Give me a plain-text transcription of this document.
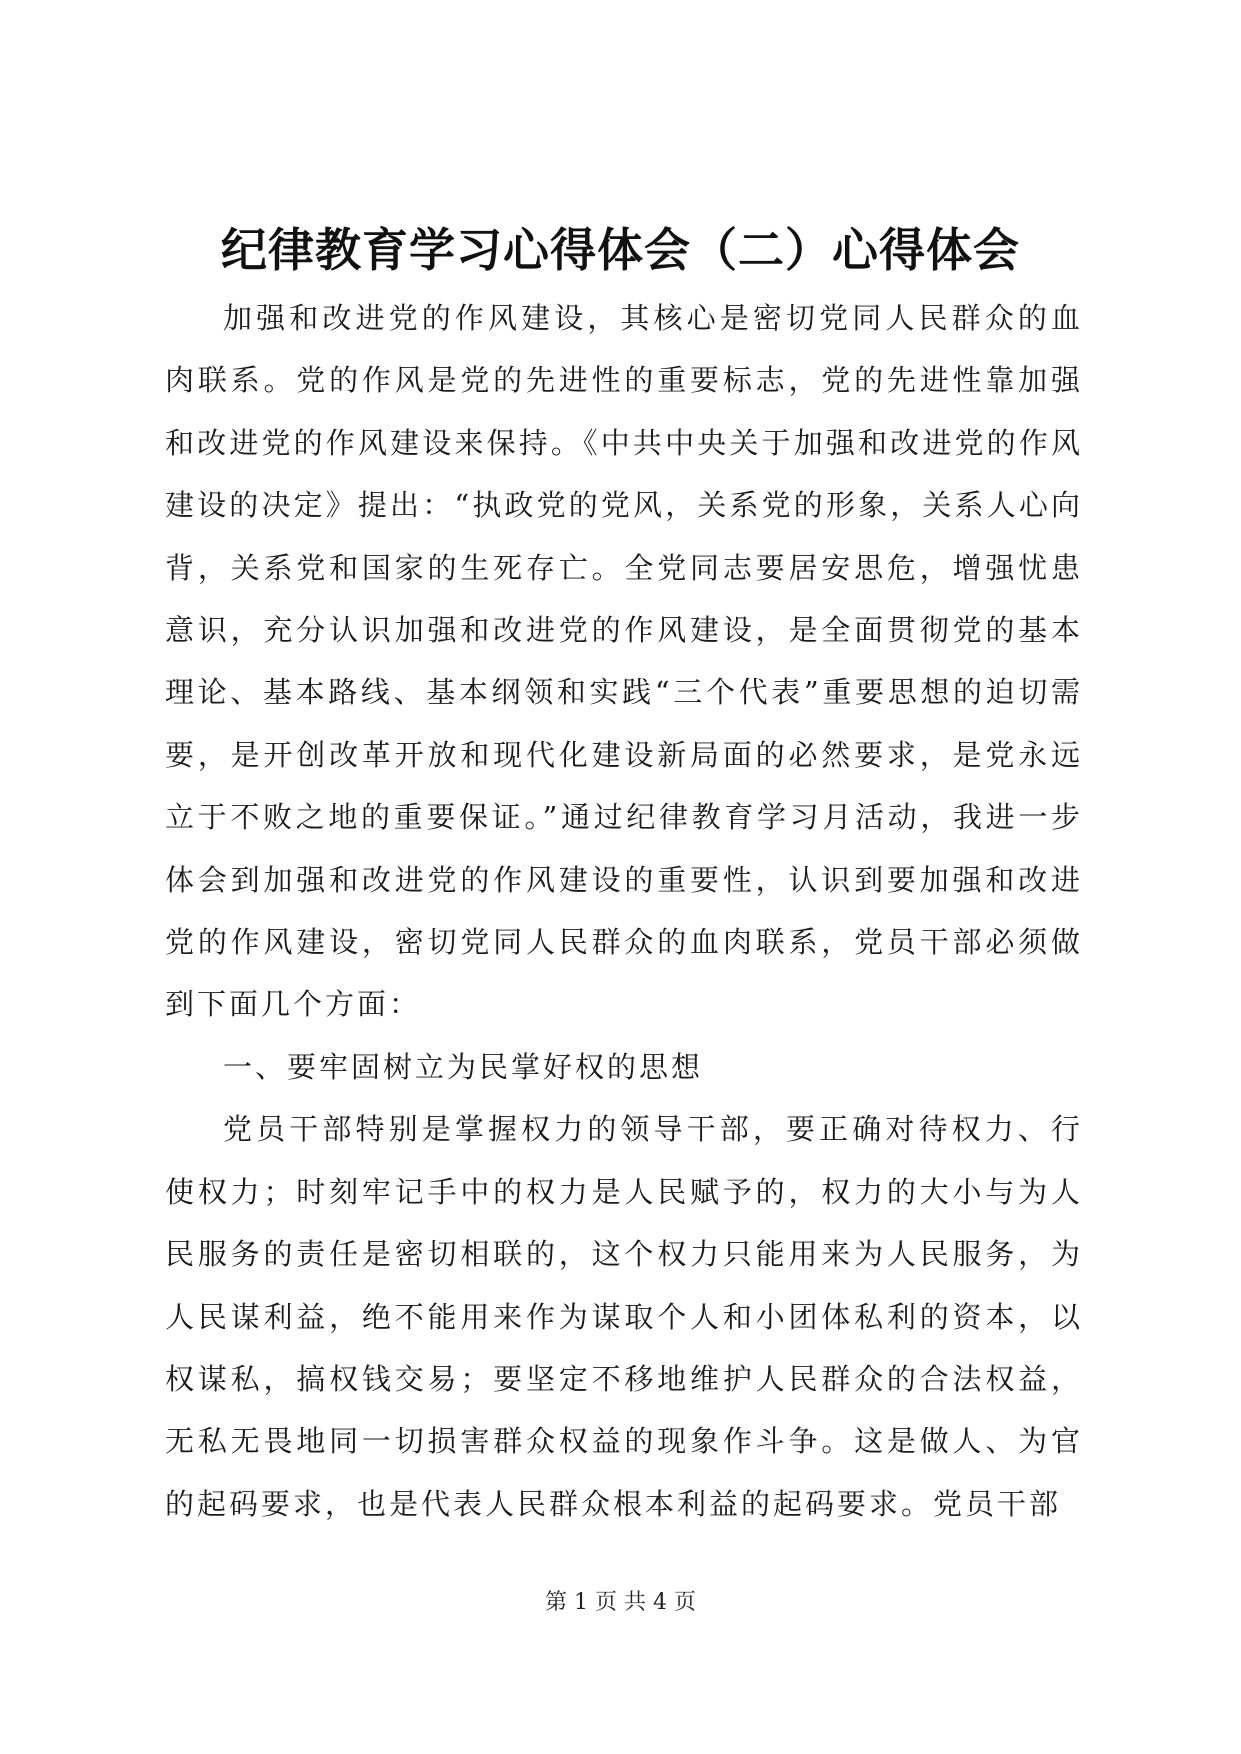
纪律教育学习心得体会（二）心得体会

加强和改进党的作风建设，其核心是密切党同人民群众的血肉联系。党的作风是党的先进性的重要标志，党的先进性靠加强和改进党的作风建设来保持。《中共中央关于加强和改进党的作风建设的决定》提出：“执政党的党风，关系党的形象，关系人心向背，关系党和国家的生死存亡。全党同志要居安思危，增强忧患意识，充分认识加强和改进党的作风建设，是全面贯彻党的基本理论、基本路线、基本纲领和实践“三个代表”重要思想的迫切需要，是开创改革开放和现代化建设新局面的必然要求，是党永远立于不败之地的重要保证。”通过纪律教育学习月活动，我进一步体会到加强和改进党的作风建设的重要性，认识到要加强和改进党的作风建设，密切党同人民群众的血肉联系，党员干部必须做到下面几个方面：

一、要牢固树立为民掌好权的思想

党员干部特别是掌握权力的领导干部，要正确对待权力、行使权力；时刻牢记手中的权力是人民赋予的，权力的大小与为人民服务的责任是密切相联的，这个权力只能用来为人民服务，为人民谋利益，绝不能用来作为谋取个人和小团体私利的资本，以权谋私，搞权钱交易；要坚定不移地维护人民群众的合法权益，无私无畏地同一切损害群众权益的现象作斗争。这是做人、为官的起码要求，也是代表人民群众根本利益的起码要求。党员干部

第 1 页 共 4 页
